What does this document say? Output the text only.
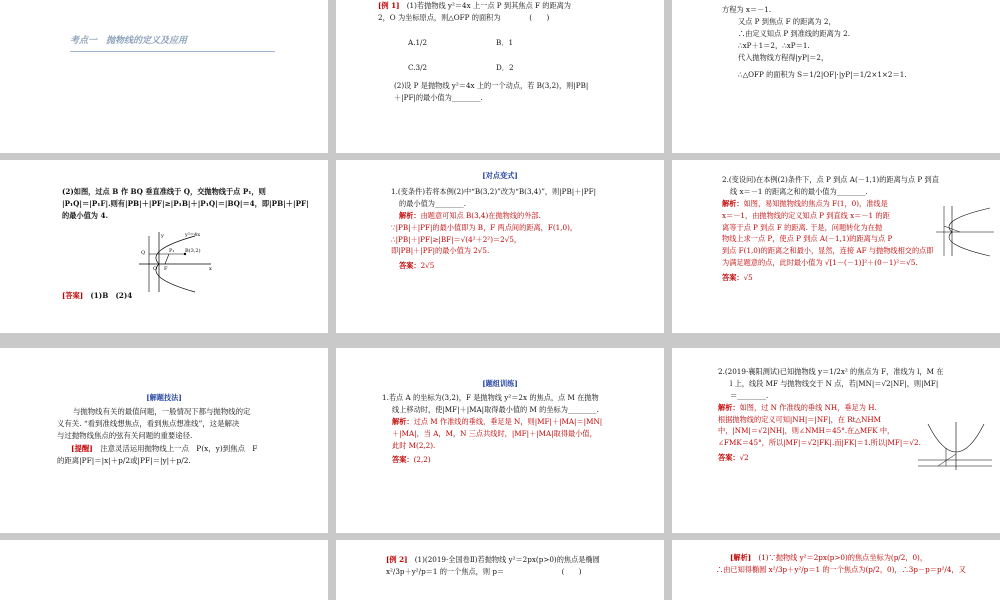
考点一　抛物线的定义及应用

[例 1]　 (1)若抛物线 y²＝4x 上一点 P 到其焦点 F 的距离为

2，O 为坐标原点，则△OFP 的面积为　　　　(　　)

A.1/2	B．1
C.3/2	D．2

(2)设 P 是抛物线 y²＝4x 上的一个动点，若 B(3,2)，则|PB|

＋|PF|的最小值为________.

方程为 x＝－1.

又点 P 到焦点 F 的距离为 2，

∴由定义知点 P 到准线的距离为 2.

∴xP＋1＝2，∴xP＝1.

代入抛物线方程得|yP|＝2，

∴△OFP 的面积为 S＝1/2|OF|·|yP|＝1/2×1×2＝1.

(2)如图，过点 B 作 BQ 垂直准线于 Q，交抛物线于点 P₁，则

|P₁Q|＝|P₁F|.则有|PB|＋|PF|≥|P₁B|＋|P₁Q|＝|BQ|＝4，即|PB|＋|PF|

的最小值为 4.

y²=4x
B(3,2)
Q
y
O F	x
P₁
[答案]　 (1)B　(2)4
[对点变式]

1.(变条件)若将本例(2)中“B(3,2)”改为“B(3,4)”，则|PB|＋|PF|

的最小值为________.

解析：由题意可知点 B(3,4)在抛物线的外部.

∵|PB|＋|PF|的最小值即为 B，F 两点间的距离，F(1,0)，

∴|PB|＋|PF|≥|BF|＝√(4²＋2²)＝2√5，

即|PB|＋|PF|的最小值为 2√5.

答案：2√5

2.(变设问)在本例(2)条件下，点 P 到点 A(－1,1)的距离与点 P 到直

线 x＝－1 的距离之和的最小值为________.

解析：如图，易知抛物线的焦点为 F(1，0)，准线是

x＝－1，由抛物线的定义知点 P 到直线 x＝－1 的距

离等于点 P 到点 F 的距离. 于是，问题转化为在抛

物线上求一点 P，使点 P 到点 A(－1,1)的距离与点 P

到点 F(1,0)的距离之和最小，显然，连接 AF 与抛物线相交的点即

为满足题意的点，此时最小值为 √[1－(－1)]²＋(0－1)²＝√5.

答案：√5

[解题技法]

与抛物线有关的最值问题，一般情况下都与抛物线的定

义有关. “看到准线想焦点，看到焦点想准线”，这是解决

与过抛物线焦点的弦有关问题的重要途径.

[提醒]　 注意灵活运用抛物线上一点　P(x，y)到焦点　F

的距离|PF|＝|x|＋p/2或|PF|＝|y|＋p/2.

[题组训练]

1.若点 A 的坐标为(3,2)，F 是抛物线 y²＝2x 的焦点，点 M 在抛物

线上移动时，使|MF|＋|MA|取得最小值的 M 的坐标为________.

解析：过点 M 作准线的垂线，垂足是 N，则|MF|＋|MA|＝|MN|

＋|MA|，当 A，M，N 三点共线时，|MF|＋|MA|取得最小值，

此时 M(2,2).

答案：(2,2)

2.(2019·襄阳测试)已知抛物线 y＝1/2x² 的焦点为 F，准线为 l，M 在

l 上，线段 MF 与抛物线交于 N 点，若|MN|＝√2|NF|，则|MF|

＝________.

解析：如图，过 N 作准线的垂线 NH，垂足为 H.

根据抛物线的定义可知|NH|＝|NF|，在 Rt△NHM

中，|NM|＝√2|NH|，则∠NMH＝45°.在△MFK 中，

∠FMK＝45°，所以|MF|＝√2|FK|.而|FK|＝1.所以|MF|＝√2.

答案：√2

[例 2]　 (1)(2019·全国卷Ⅱ)若抛物线 y²＝2px(p>0)的焦点是椭圆

x²/3p＋y²/p＝1 的一个焦点，则 p＝　　　　　　　　(　　)

[解析]　 (1)∵抛物线 y²＝2px(p>0)的焦点坐标为(p/2，0)，

∴由已知得椭圆 x²/3p＋y²/p＝1 的一个焦点为(p/2，0)，∴3p－p＝p²/4，又
